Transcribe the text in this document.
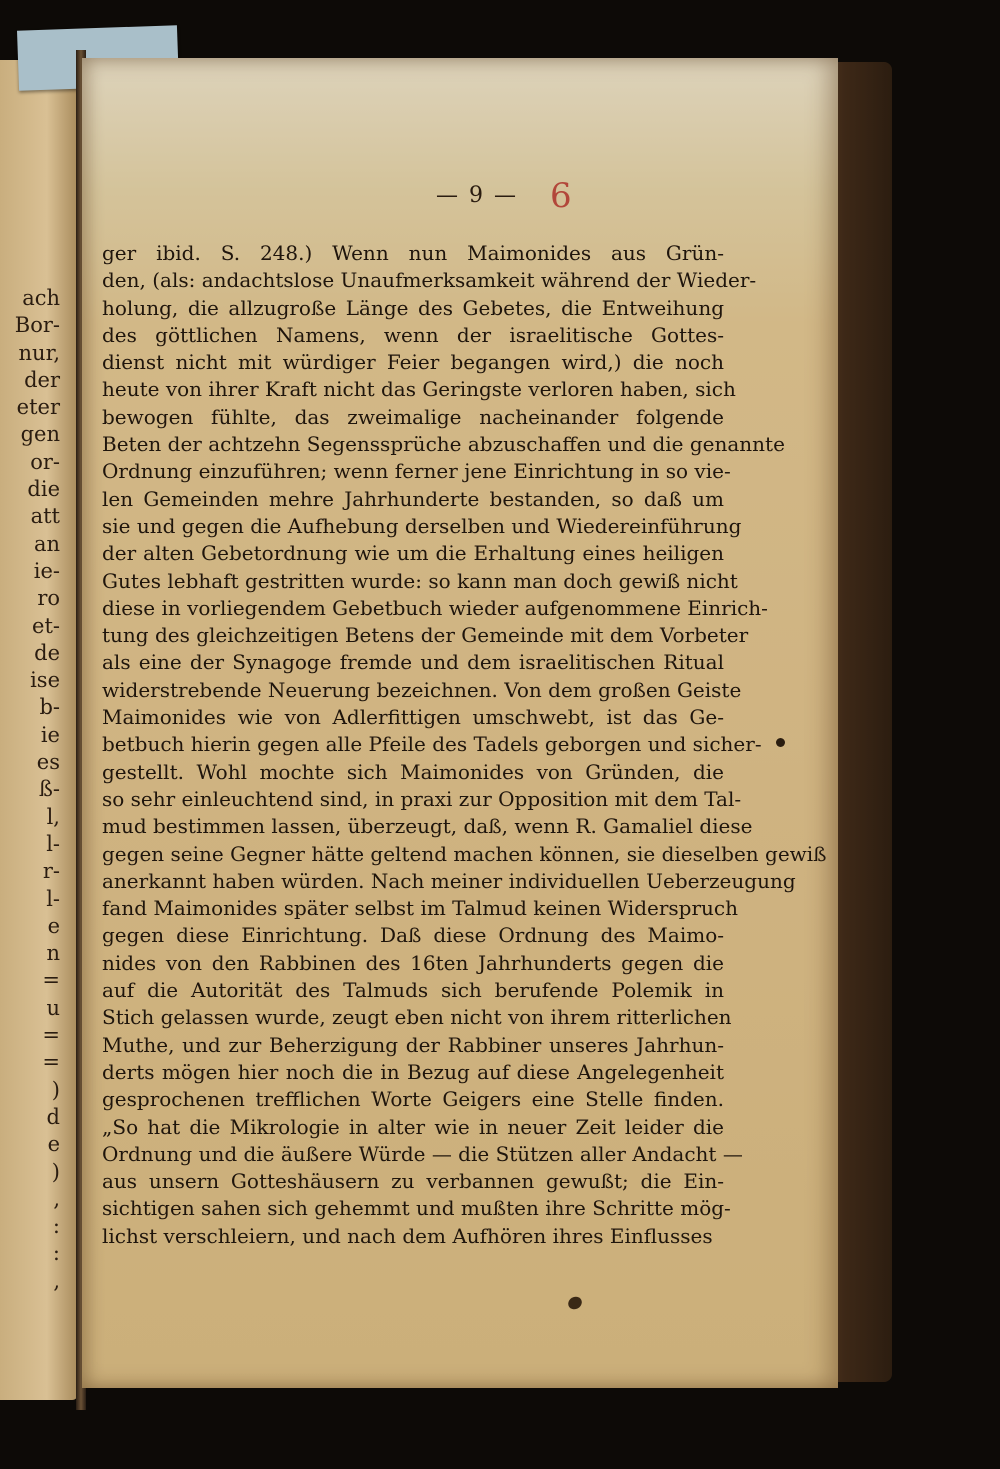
ach
Bor-
nur,
der
eter
gen
or-
die
att
an
ie-
ro
et-
de
ise
b-
ie
es
ß-
l,
l-
r-
l-
e
n
=
u
=
=
)
d
e
)
,
:
:
,
— 9 — 6
ger ibid. S. 248.) Wenn nun Maimonides aus Grün-
den, (als: andachtslose Unaufmerksamkeit während der Wieder-
holung, die allzugroße Länge des Gebetes, die Entweihung
des göttlichen Namens, wenn der israelitische Gottes-
dienst nicht mit würdiger Feier begangen wird,) die noch
heute von ihrer Kraft nicht das Geringste verloren haben, sich
bewogen fühlte, das zweimalige nacheinander folgende
Beten der achtzehn Segenssprüche abzuschaffen und die genannte
Ordnung einzuführen; wenn ferner jene Einrichtung in so vie-
len Gemeinden mehre Jahrhunderte bestanden, so daß um
sie und gegen die Aufhebung derselben und Wiedereinführung
der alten Gebetordnung wie um die Erhaltung eines heiligen
Gutes lebhaft gestritten wurde: so kann man doch gewiß nicht
diese in vorliegendem Gebetbuch wieder aufgenommene Einrich-
tung des gleichzeitigen Betens der Gemeinde mit dem Vorbeter
als eine der Synagoge fremde und dem israelitischen Ritual
widerstrebende Neuerung bezeichnen. Von dem großen Geiste
Maimonides wie von Adlerfittigen umschwebt, ist das Ge-
betbuch hierin gegen alle Pfeile des Tadels geborgen und sicher-
gestellt. Wohl mochte sich Maimonides von Gründen, die
so sehr einleuchtend sind, in praxi zur Opposition mit dem Tal-
mud bestimmen lassen, überzeugt, daß, wenn R. Gamaliel diese
gegen seine Gegner hätte geltend machen können, sie dieselben gewiß
anerkannt haben würden. Nach meiner individuellen Ueberzeugung
fand Maimonides später selbst im Talmud keinen Widerspruch
gegen diese Einrichtung. Daß diese Ordnung des Maimo-
nides von den Rabbinen des 16ten Jahrhunderts gegen die
auf die Autorität des Talmuds sich berufende Polemik in
Stich gelassen wurde, zeugt eben nicht von ihrem ritterlichen
Muthe, und zur Beherzigung der Rabbiner unseres Jahrhun-
derts mögen hier noch die in Bezug auf diese Angelegenheit
gesprochenen trefflichen Worte Geigers eine Stelle finden.
„So hat die Mikrologie in alter wie in neuer Zeit leider die
Ordnung und die äußere Würde — die Stützen aller Andacht —
aus unsern Gotteshäusern zu verbannen gewußt; die Ein-
sichtigen sahen sich gehemmt und mußten ihre Schritte mög-
lichst verschleiern, und nach dem Aufhören ihres Einflusses
